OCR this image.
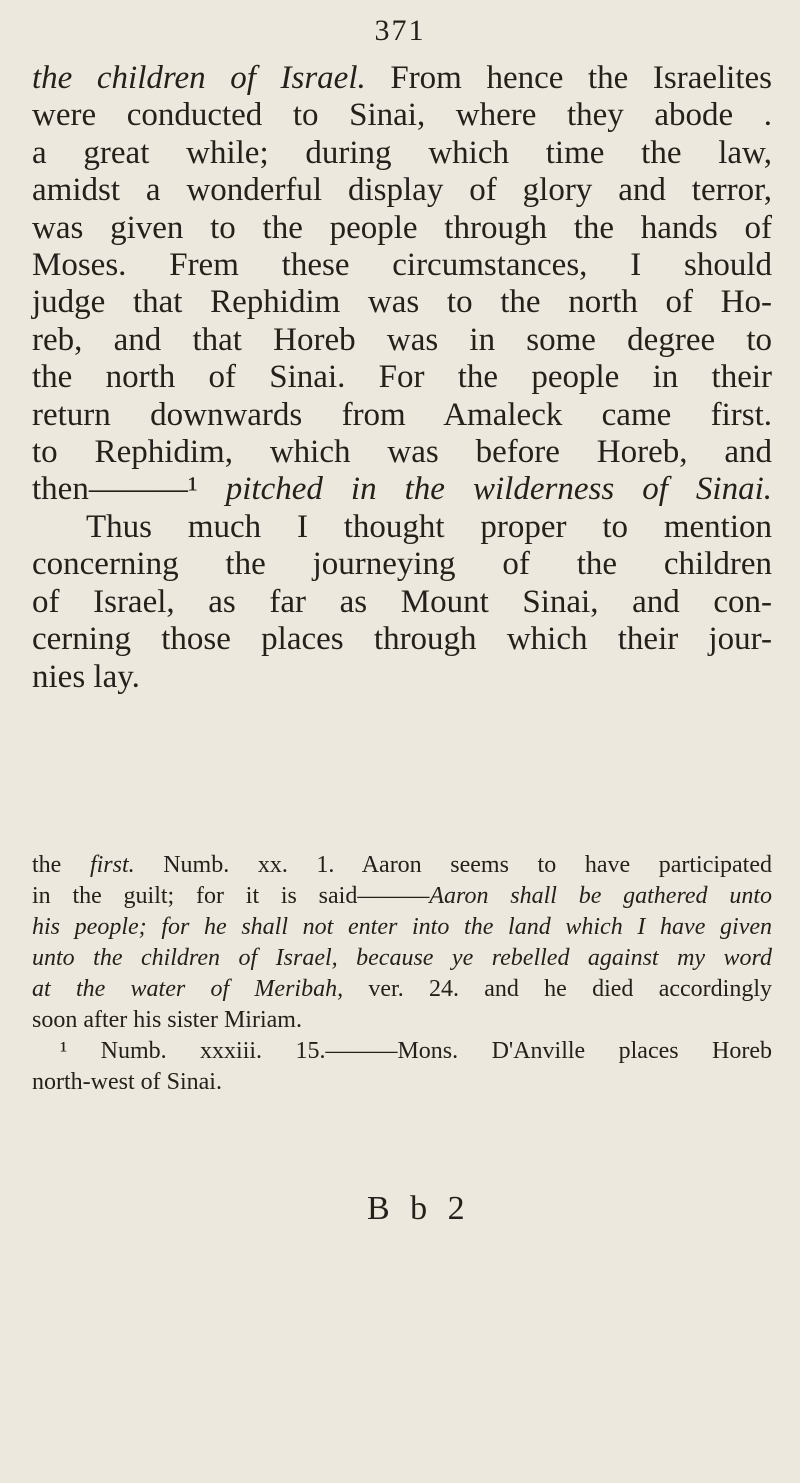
371
the children of Israel. From hence the Israelites
were conducted to Sinai, where they abode .
a great while; during which time the law,
amidst a wonderful display of glory and terror,
was given to the people through the hands of
Moses. Frem these circumstances, I should
judge that Rephidim was to the north of Ho-
reb, and that Horeb was in some degree to
the north of Sinai. For the people in their
return downwards from Amaleck came first.
to Rephidim, which was before Horeb, and
then———¹ pitched in the wilderness of Sinai.
Thus much I thought proper to mention
concerning the journeying of the children
of Israel, as far as Mount Sinai, and con-
cerning those places through which their jour-
nies lay.
the first. Numb. xx. 1. Aaron seems to have participated
in the guilt; for it is said———Aaron shall be gathered unto
his people; for he shall not enter into the land which I have given
unto the children of Israel, because ye rebelled against my word
at the water of Meribah, ver. 24. and he died accordingly
soon after his sister Miriam.
¹ Numb. xxxiii. 15.———Mons. D'Anville places Horeb
north-west of Sinai.
B b 2
